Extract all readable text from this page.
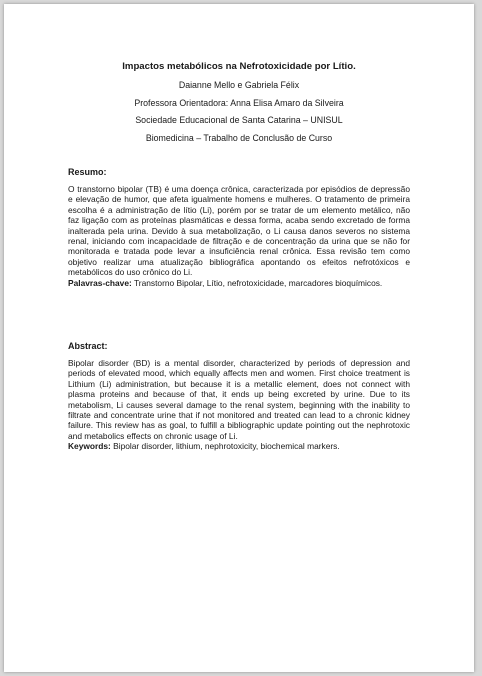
Impactos metabólicos na Nefrotoxicidade por Lítio.

Daianne Mello e Gabriela Félix

Professora Orientadora: Anna Elisa Amaro da Silveira

Sociedade Educacional de Santa Catarina – UNISUL

Biomedicina – Trabalho de Conclusão de Curso

Resumo:

O transtorno bipolar (TB) é uma doença crônica, caracterizada por episódios de depressão e elevação de humor, que afeta igualmente homens e mulheres. O tratamento de primeira escolha é a administração de lítio (Li), porém por se tratar de um elemento metálico, não faz ligação com as proteínas plasmáticas e dessa forma, acaba sendo excretado de forma inalterada pela urina. Devido à sua metabolização, o Li causa danos severos no sistema renal, iniciando com incapacidade de filtração e de concentração da urina que se não for monitorada e tratada pode levar a insuficiência renal crônica. Essa revisão tem como objetivo realizar uma atualização bibliográfica apontando os efeitos nefrotóxicos e metabólicos do uso crônico do Li.

Palavras-chave: Transtorno Bipolar, Lítio, nefrotoxicidade, marcadores bioquímicos.

Abstract:

Bipolar disorder (BD) is a mental disorder, characterized by periods of depression and periods of elevated mood, which equally affects men and women. First choice treatment is Lithium (Li) administration, but because it is a metallic element, does not connect with plasma proteins and because of that, it ends up being excreted by urine. Due to its metabolism, Li causes several damage to the renal system, beginning with the inability to filtrate and concentrate urine that if not monitored and treated can lead to a chronic kidney failure. This review has as goal, to fulfill a bibliographic update pointing out the nephrotoxic and metabolics effects on chronic usage of Li.

Keywords: Bipolar disorder, lithium, nephrotoxicity, biochemical markers.
